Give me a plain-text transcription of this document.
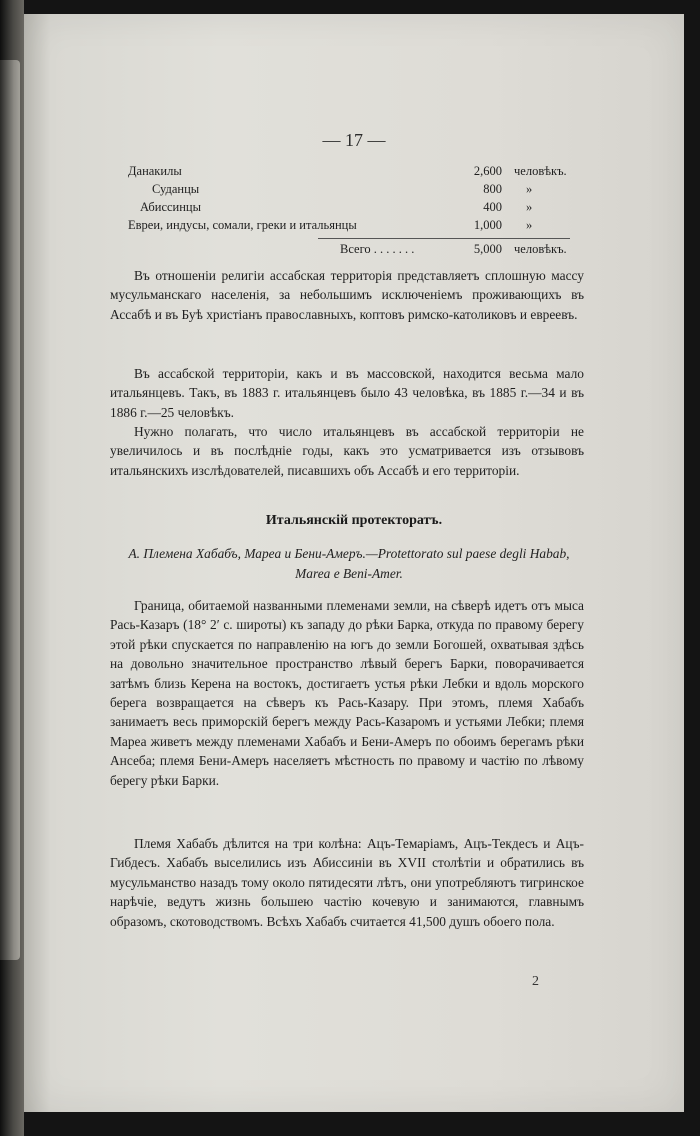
— 17 —
Данакилы	2,600 человѣкъ.
Суданцы	800 »
Абиссинцы	400 »
Евреи, индусы, сомали, греки и итальянцы	1,000 »
Всего . . . . . . .	5,000 человѣкъ.
Въ отношеніи религіи ассабская территорія представляетъ сплошную массу мусульманскаго населенія, за небольшимъ исключеніемъ проживающихъ въ Ассабѣ и въ Буѣ христіанъ православныхъ, коптовъ римско-католиковъ и евреевъ.
Въ ассабской территоріи, какъ и въ массовской, находится весьма мало итальянцевъ. Такъ, въ 1883 г. итальянцевъ было 43 человѣка, въ 1885 г.—34 и въ 1886 г.—25 человѣкъ.
Нужно полагать, что число итальянцевъ въ ассабской территоріи не увеличилось и въ послѣдніе годы, какъ это усматривается изъ отзывовъ итальянскихъ изслѣдователей, писавшихъ объ Ассабѣ и его территоріи.
Итальянскій протекторатъ.
A. Племена Хабабъ, Мареа и Бени-Амеръ.—Protettorato sul paese degli Habab, Marea e Beni-Amer.
Граница, обитаемой названными племенами земли, на сѣверѣ идетъ отъ мыса Рась-Казаръ (18° 2′ с. широты) къ западу до рѣки Барка, откуда по правому берегу этой рѣки спускается по направленію на югъ до земли Богошей, охватывая здѣсь на довольно значительное пространство лѣвый берегъ Барки, поворачивается затѣмъ близь Керена на востокъ, достигаетъ устья рѣки Лебки и вдоль морского берега возвращается на сѣверъ къ Рась-Казару. При этомъ, племя Хабабъ занимаетъ весь приморскій берегъ между Рась-Казаромъ и устьями Лебки; племя Мареа живетъ между племенами Хабабъ и Бени-Амеръ по обоимъ берегамъ рѣки Ансеба; племя Бени-Амеръ населяетъ мѣстность по правому и частію по лѣвому берегу рѣки Барки.
Племя Хабабъ дѣлится на три колѣна: Ацъ-Темаріамъ, Ацъ-Текдесъ и Ацъ-Гибдесъ. Хабабъ выселились изъ Абиссиніи въ XVII столѣтіи и обратились въ мусульманство назадъ тому около пятидесяти лѣтъ, они употребляютъ тигринское нарѣчіе, ведутъ жизнь большею частію кочевую и занимаются, главнымъ образомъ, скотоводствомъ. Всѣхъ Хабабъ считается 41,500 душъ обоего пола.
2
